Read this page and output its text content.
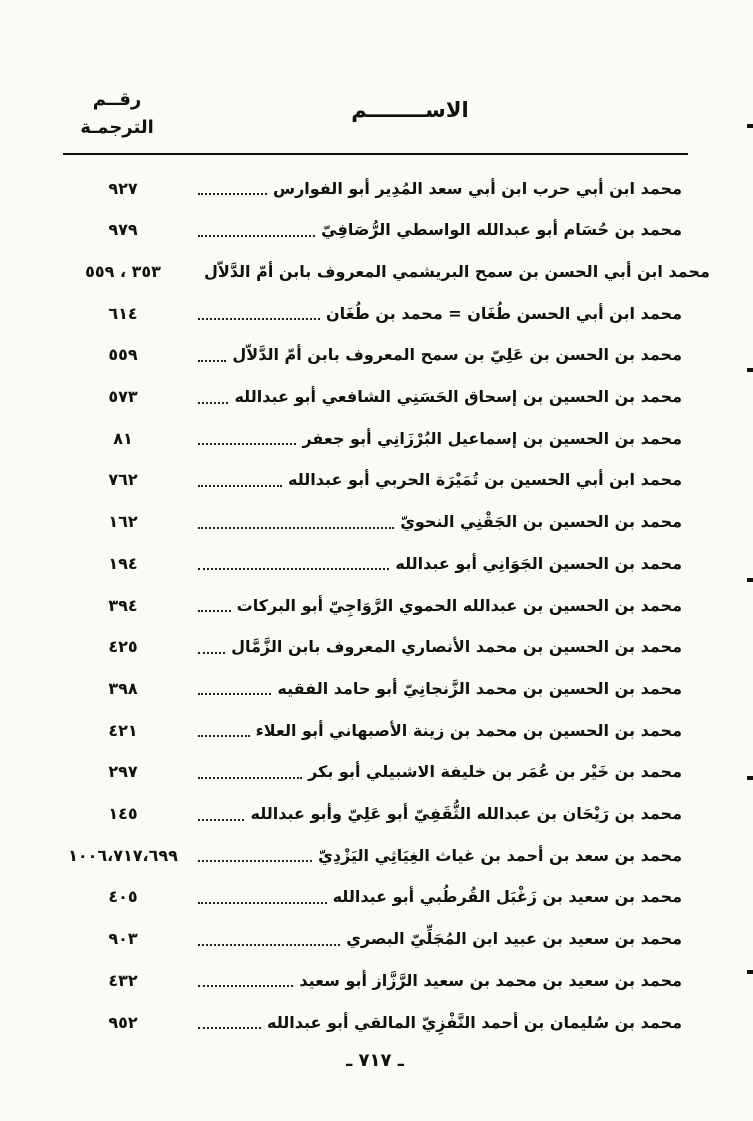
الاســــــــم
رقــم
الترجمـة
٩٢٧	محمد ابن أبي حرب ابن أبي سعد المُدِير أبو الفوارس
٩٧٩	محمد بن حُسَام أبو عبدالله الواسطي الرُّصَافِيّ
٣٥٣ ، ٥٥٩	محمد ابن أبي الحسن بن سمح البريشمي المعروف بابن أمّ الدَّلاّل
٦١٤	محمد ابن أبي الحسن طُغَان = محمد بن طُغَان
٥٥٩	محمد بن الحسن بن عَلِيّ بن سمح المعروف بابن أمّ الدَّلاّل
٥٧٣	محمد بن الحسين بن إسحاق الحَسَنِي الشافعي أبو عبدالله
٨١	محمد بن الحسين بن إسماعيل البُرْزَانِي أبو جعفر
٧٦٢	محمد ابن أبي الحسين بن تُمَيْرَة الحربي أبو عبدالله
١٦٢	محمد بن الحسين بن الجَقْنِي النحويّ
١٩٤	محمد بن الحسين الجَوَانِي أبو عبدالله
٣٩٤	محمد بن الحسين بن عبدالله الحموي الرَّوَاجِيّ أبو البركات
٤٢٥	محمد بن الحسين بن محمد الأنصاري المعروف بابن الزَّمَّال
٣٩٨	محمد بن الحسين بن محمد الزَّنجانِيّ أبو حامد الفقيه
٤٢١	محمد بن الحسين بن محمد بن زينة الأصبهاني أبو العلاء
٢٩٧	محمد بن خَيْر بن عُمَر بن خليفة الاشبيلي أبو بكر
١٤٥	محمد بن رَيْحَان بن عبدالله الثُّقَفِيّ أبو عَلِيّ وأبو عبدالله
١٠٠٦،٧١٧،٦٩٩	محمد بن سعد بن أحمد بن غياث الغِيَاثِي اليَزْدِيّ
٤٠٥	محمد بن سعيد بن زَغْبَل القُرطُبي أبو عبدالله
٩٠٣	محمد بن سعيد بن عبيد ابن المُجَلِّيّ البصري
٤٣٢	محمد بن سعيد بن محمد بن سعيد الرَّزَّاز أبو سعيد
٩٥٢	محمد بن سُليمان بن أحمد النَّفْزِيّ المالقي أبو عبدالله
ـ ٧١٧ ـ
